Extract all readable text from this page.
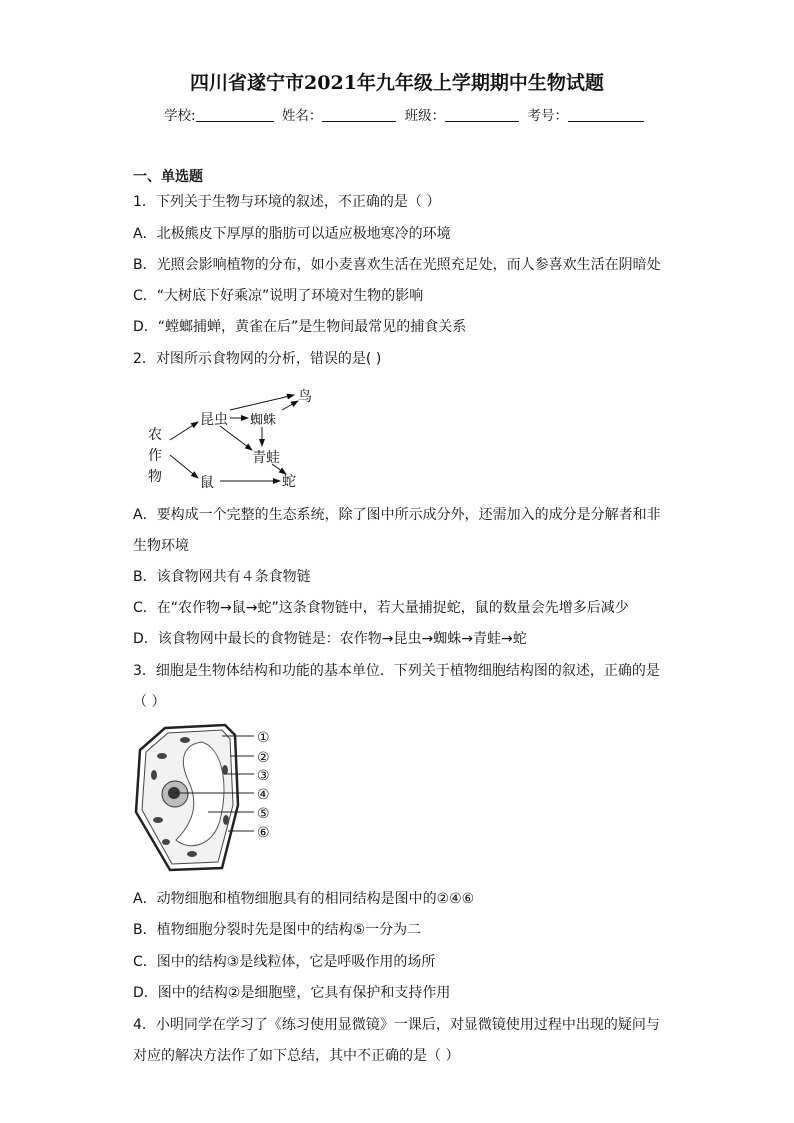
四川省遂宁市2021年九年级上学期期中生物试题
学校:	姓名：	班级：	考号：
一、单选题
1．下列关于生物与环境的叙述，不正确的是（ ）
A．北极熊皮下厚厚的脂肪可以适应极地寒冷的环境
B．光照会影响植物的分布，如小麦喜欢生活在光照充足处，而人参喜欢生活在阴暗处
C．“大树底下好乘凉”说明了环境对生物的影响
D．“螳螂捕蝉，黄雀在后”是生物间最常见的捕食关系
2．对图所示食物网的分析，错误的是( )
农
作
物
昆虫 蜘蛛
鸟
青蛙
鼠	蛇
A．要构成一个完整的生态系统，除了图中所示成分外，还需加入的成分是分解者和非
生物环境
B．该食物网共有４条食物链
C．在“农作物→鼠→蛇”这条食物链中，若大量捕捉蛇，鼠的数量会先增多后减少
D．该食物网中最长的食物链是：农作物→昆虫→蜘蛛→青蛙→蛇
3．细胞是生物体结构和功能的基本单位．下列关于植物细胞结构图的叙述，正确的是
（ ）
①
②
③
④
⑤
⑥
A．动物细胞和植物细胞具有的相同结构是图中的②④⑥
B．植物细胞分裂时先是图中的结构⑤一分为二
C．图中的结构③是线粒体，它是呼吸作用的场所
D．图中的结构②是细胞壁，它具有保护和支持作用
4．小明同学在学习了《练习使用显微镜》一课后，对显微镜使用过程中出现的疑问与
对应的解决方法作了如下总结，其中不正确的是（ ）
